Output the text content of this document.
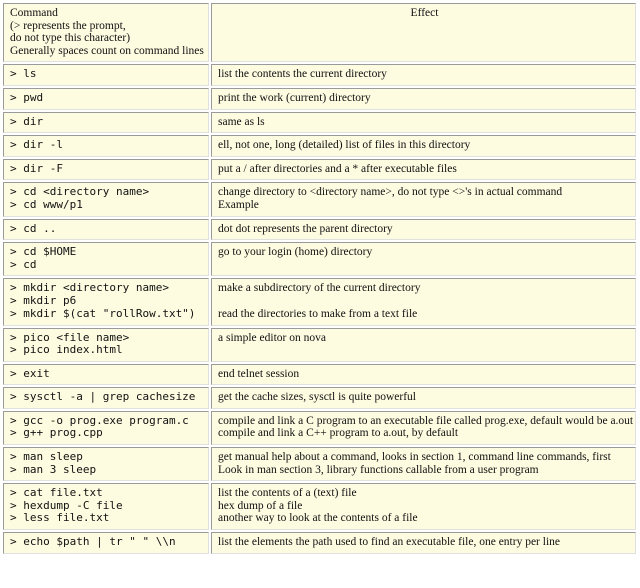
Command
(> represents the prompt,
do not type this character)
Generally spaces count on command lines	Effect

> ls	list the contents the current directory

> pwd	print the work (current) directory

> dir	same as ls

> dir -l	ell, not one, long (detailed) list of files in this directory

> dir -F	put a / after directories and a * after executable files

> cd <directory name>
> cd www/p1	change directory to <directory name>, do not type <>'s in actual command
Example

> cd ..	dot dot represents the parent directory

> cd $HOME
> cd	go to your login (home) directory

> mkdir <directory name>
> mkdir p6
> mkdir $(cat "rollRow.txt")	make a subdirectory of the current directory
read the directories to make from a text file

> pico <file name>
> pico index.html	a simple editor on nova

> exit	end telnet session

> sysctl -a | grep cachesize	get the cache sizes, sysctl is quite powerful

> gcc -o prog.exe program.c
> g++ prog.cpp	compile and link a C program to an executable file called prog.exe, default would be a.out
compile and link a C++ program to a.out, by default

> man sleep
> man 3 sleep	get manual help about a command, looks in section 1, command line commands, first
Look in man section 3, library functions callable from a user program

> cat file.txt
> hexdump -C file
> less file.txt	list the contents of a (text) file
hex dump of a file
another way to look at the contents of a file

> echo $path | tr " " \\n	list the elements the path used to find an executable file, one entry per line
